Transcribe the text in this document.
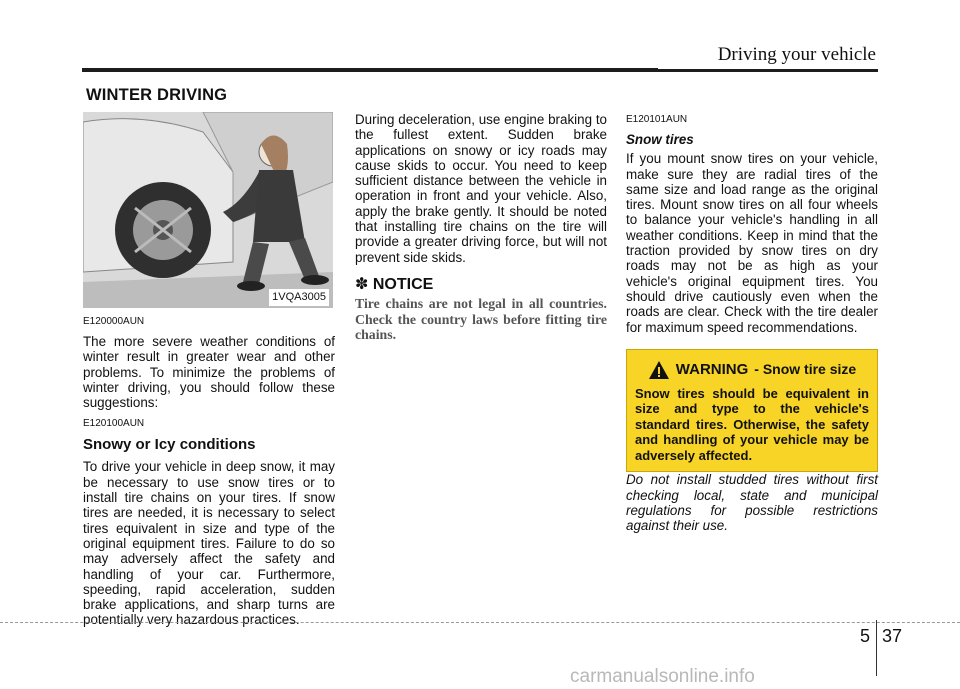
Driving your vehicle
WINTER DRIVING
1VQA3005
E120000AUN

The more severe weather conditions of winter result in greater wear and other problems. To minimize the problems of winter driving, you should follow these suggestions:

E120100AUN
Snowy or Icy conditions

To drive your vehicle in deep snow, it may be necessary to use snow tires or to install tire chains on your tires. If snow tires are needed, it is necessary to select tires equivalent in size and type of the original equipment tires. Failure to do so may adversely affect the safety and handling of your car. Furthermore, speeding, rapid acceleration, sudden brake applications, and sharp turns are potentially very hazardous practices.

During deceleration, use engine braking to the fullest extent. Sudden brake applications on snowy or icy roads may cause skids to occur. You need to keep sufficient distance between the vehicle in operation in front and your vehicle. Also, apply the brake gently. It should be noted that installing tire chains on the tire will provide a greater driving force, but will not prevent side skids.

✽ NOTICE
Tire chains are not legal in all countries. Check the country laws before fitting tire chains.
E120101AUN
Snow tires

If you mount snow tires on your vehicle, make sure they are radial tires of the same size and load range as the original tires. Mount snow tires on all four wheels to balance your vehicle's handling in all weather conditions. Keep in mind that the traction provided by snow tires on dry roads may not be as high as your vehicle's original equipment tires. You should drive cautiously even when the roads are clear. Check with the tire dealer for maximum speed recommendations.

WARNING - Snow tire size
Snow tires should be equivalent in size and type to the vehicle's standard tires. Otherwise, the safety and handling of your vehicle may be adversely affected.

Do not install studded tires without first checking local, state and municipal regulations for possible restrictions against their use.

5 37
carmanualsonline.info
